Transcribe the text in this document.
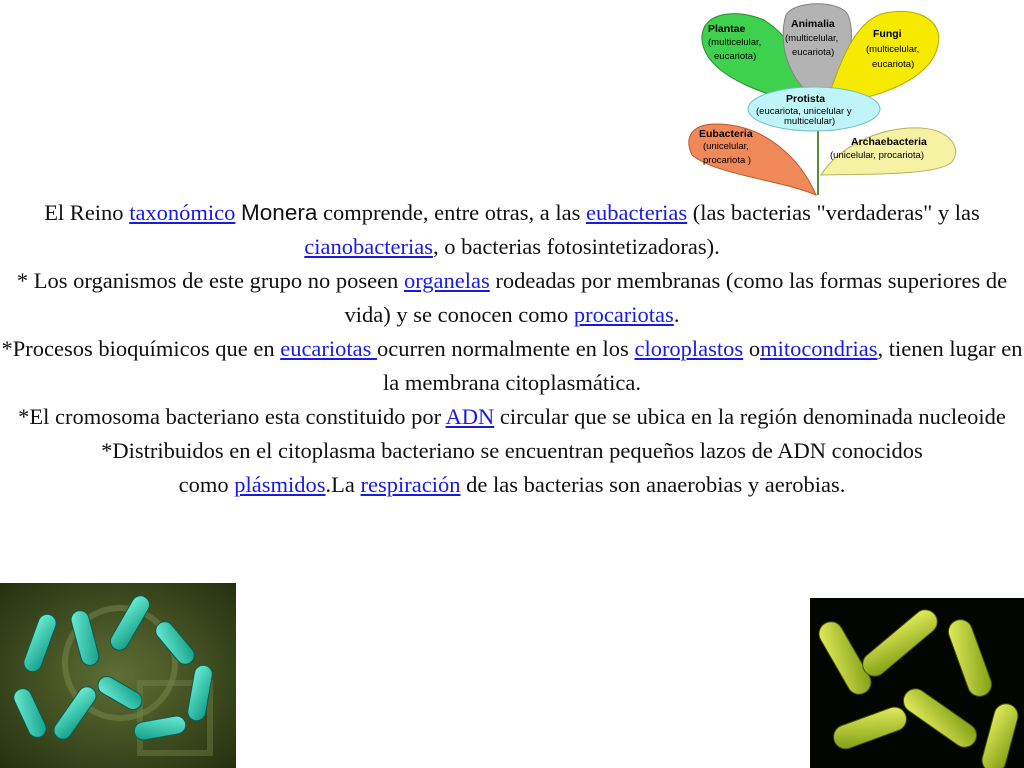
Plantae
(multicelular,
eucariota)
Animalia
(multicelular,
eucariota)
Fungi
(multicelular,
eucariota)
Protista
(eucariota, unicelular y
multicelular)
Eubacteria
(unicelular,
procariota )
Archaebacteria
(unicelular, procariota)

El Reino taxonómico Monera comprende, entre otras, a las eubacterias (las bacterias "verdaderas" y las cianobacterias, o bacterias fotosintetizadoras).

* Los organismos de este grupo no poseen organelas rodeadas por membranas (como las formas superiores de vida) y se conocen como procariotas.

*Procesos bioquímicos que en eucariotas ocurren normalmente en los cloroplastos omitocondrias, tienen lugar en la membrana citoplasmática.

*El cromosoma bacteriano esta constituido por ADN circular que se ubica en la región denominada nucleoide

*Distribuidos en el citoplasma bacteriano se encuentran pequeños lazos de ADN conocidos

como plásmidos.La respiración de las bacterias son anaerobias y aerobias.
